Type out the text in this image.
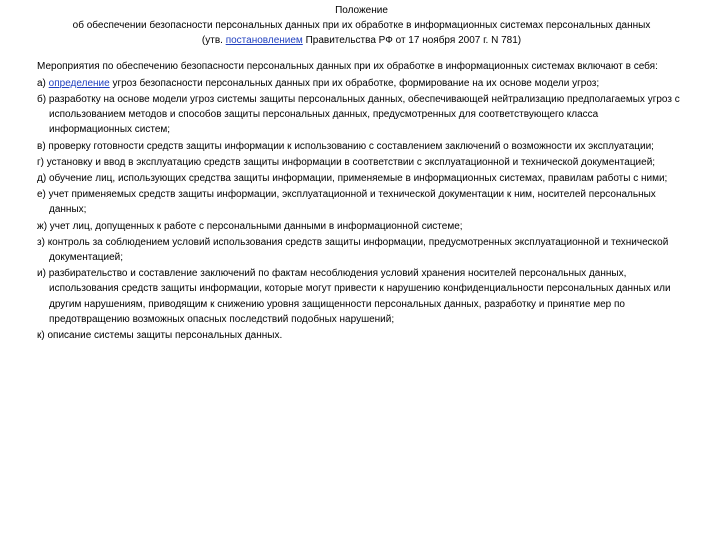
Положение
об обеспечении безопасности персональных данных при их обработке в информационных системах персональных данных
(утв. постановлением Правительства РФ от 17 ноября 2007 г. N 781)

Мероприятия по обеспечению безопасности персональных данных при их обработке в информационных системах включают в себя:

а) определение угроз безопасности персональных данных при их обработке, формирование на их основе модели угроз;

б) разработку на основе модели угроз системы защиты персональных данных, обеспечивающей нейтрализацию предполагаемых угроз с использованием методов и способов защиты персональных данных, предусмотренных для соответствующего класса информационных систем;

в) проверку готовности средств защиты информации к использованию с составлением заключений о возможности их эксплуатации;

г) установку и ввод в эксплуатацию средств защиты информации в соответствии с эксплуатационной и технической документацией;

д) обучение лиц, использующих средства защиты информации, применяемые в информационных системах, правилам работы с ними;

е) учет применяемых средств защиты информации, эксплуатационной и технической документации к ним, носителей персональных данных;

ж) учет лиц, допущенных к работе с персональными данными в информационной системе;

з) контроль за соблюдением условий использования средств защиты информации, предусмотренных эксплуатационной и технической документацией;

и) разбирательство и составление заключений по фактам несоблюдения условий хранения носителей персональных данных, использования средств защиты информации, которые могут привести к нарушению конфиденциальности персональных данных или другим нарушениям, приводящим к снижению уровня защищенности персональных данных, разработку и принятие мер по предотвращению возможных опасных последствий подобных нарушений;

к) описание системы защиты персональных данных.
